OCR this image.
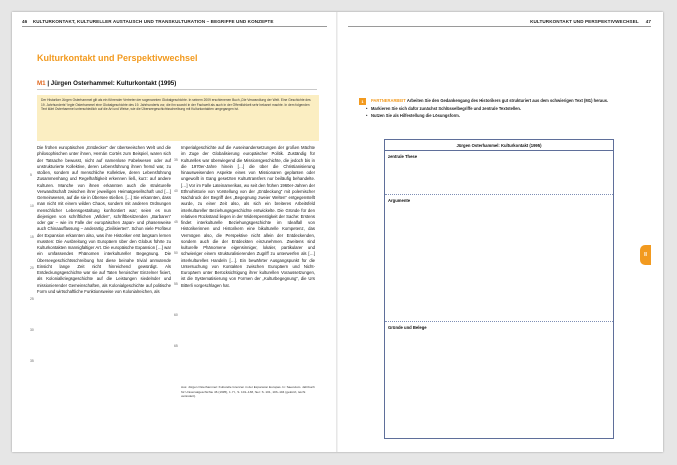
46 KULTURKONTAKT, KULTURELLER AUSTAUSCH UND TRANSKULTURATION – BEGRIFFE UND KONZEPTE	KULTURKONTAKT UND PERSPEKTIVWECHSEL 47
Kulturkontakt und Perspektivwechsel
M1 | Jürgen Osterhammel: Kulturkontakt (1995)
Der Historiker Jürgen Osterhammel gilt als ein führender Vertreter der sogenannten Globalgeschichte. In seinem 2009 erschienenen Buch „Die Verwandlung der Welt. Eine Geschichte des 19. Jahrhunderts“ legte Osterhammel eine Globalgeschichte des 19. Jahrhunderts vor, die ihn sowohl in der Fachwelt als auch in der Öffentlichkeit sehr bekannt machte. In dem folgenden Text klärt Osterhammel unterschiedlich auf die Art und Weise, wie die Überseegeschichtsschreibung mit Kulturkontakten umgegangen ist.

Die frühen europäischen „Entdecker“ der überseeischen Welt und die philosophischen unter ihnen, Hernán Cortés zum Beispiel, waren sich der Tatsache bewusst, nicht auf namenlose Fabelwesen oder auf unstrukturierte Kollektive, deren Lebensführung ihnen fremd war, zu stoßen, sondern auf menschliche Kollektive, deren Lebensführung Zusammenhang und Regelhaftigkeit erkennen ließ, kurz: auf andere Kulturen. Manche von ihnen erkannten auch die strukturelle Verwandtschaft zwischen ihrer jeweiligen Heimatgesellschaft und […] Gemeinwesen, auf die sie in Übersee stießen. […] Sie erkannten, dass man nicht mit einem wilden Chaos, sondern mit anderen Ordnungen menschlicher Lebensgestaltung konfrontiert war; seien es nun diejenigen von schriftlichen „Wilden“, schriftbesitzenden „Barbaren“ oder gar – wie im Falle der europäischen Japan- und phasenweise auch Chinaauffassung – anderartig „Zivilisierten“. Schon viele Profiteur der Expansion erkannten also, was ihre Historiker erst langsam lernen mussten: Die Ausbreitung von Europäern über den Globus führte zu Kulturkontakten mannigfaltiger Art. Die europäische Expansion […] war ein umfassendes Phänomen interkultureller Begegnung. Die Überseegeschichtsschreibung hat diese beinahe trivial anmutende Einsicht lange Zeit nicht hinreichend gewürdigt. Als Entdeckungsgeschichte war sie auf Taten heroischer Einzelner fixiert, als Kolonialkriegsgeschichte auf die Leistungen siedelnder und missionierender Gemeinschaften, als Kolonialgeschichte auf politische Form und wirtschaftliche Funktionsweise von Kolonialreichen, als

Imperialgeschichte auf die Auseinandersetzungen der großen Mächte im Zuge der Globalisierung europäischer Politik. Zuständig für Kulturelles war überwiegend die Missionsgeschichte, die jedoch bis in die 1970er-Jahre hinein […] die über die Christianisierung hinausweisenden Aspekte eines von Missionaren geplanten oder ungewollt in Gang gesetzten Kulturtransfers nur beiläufig behandelte. […] Vor im Falle Lateinamerikas, wo seit den frühen 1960er-Jahren der Ethnohistorie von Vorstellung von der „Entdeckung“ mit polemischer Nachdruck der Begriff des „Begegnung zweier Welten“ entgegenstellt wurde, zu einer Zeit also, als sich ein breiteres Arbeitsfeld interkultureller Beziehungsgeschichte entwickelte. Die Gründe für den relativen Rückstand liegen in der Widerspenstigkeit der Sache: Erstens findet interkulturelle Beziehungsgeschichte im Idealfall von Historikerinnen und Historikern eine bikulturelle Kompetenz, das Vermögen also, die Perspektive nicht allein der Entdeckenden, sondern auch die der Entdeckten einzunehmen. Zweitens sind kulturelle Phänomene eigensinniger, lokaler, partikularer und schwieriger einem strukturalisierenden Zugriff zu unterwerfen als […] interkulturelles Handeln […]. Ein bewährter Ausgangspunkt für die Untersuchung von Kontakten zwischen Europäern und Nicht-Europäern unter Berücksichtigung ihrer kulturellen Voraussetzungen, ist die Systematisierung von Formen der „Kulturbegegnung“, die Urs Bitterli vorgeschlagen hat.

5
10
15
20
25
30
35
35
40
45
50
55
60
65
Aus: Jürgen Osterhammel: Kulturelle Grenzen in der Expansion Europas. In: Saeculum. Jahrbuch für Universalgeschichte 46 (1995), 1. H., S. 101–138, hier: S. 101, 103–104 (gekürzt, leicht verändert).
1	PARTNERARBEIT Arbeiten Sie den Gedankengang des Historikers gut strukturiert aus dem schwierigen Text (M1) heraus.
• Markieren Sie sich dafür zunächst Schlüsselbegriffe und zentrale Textstellen.
• Nutzen Sie als Hilfestellung die Lösungsform.
Jürgen Osterhammel: Kulturkontakt (1995)
zentrale These
Argumente
Gründe und Belege
II
